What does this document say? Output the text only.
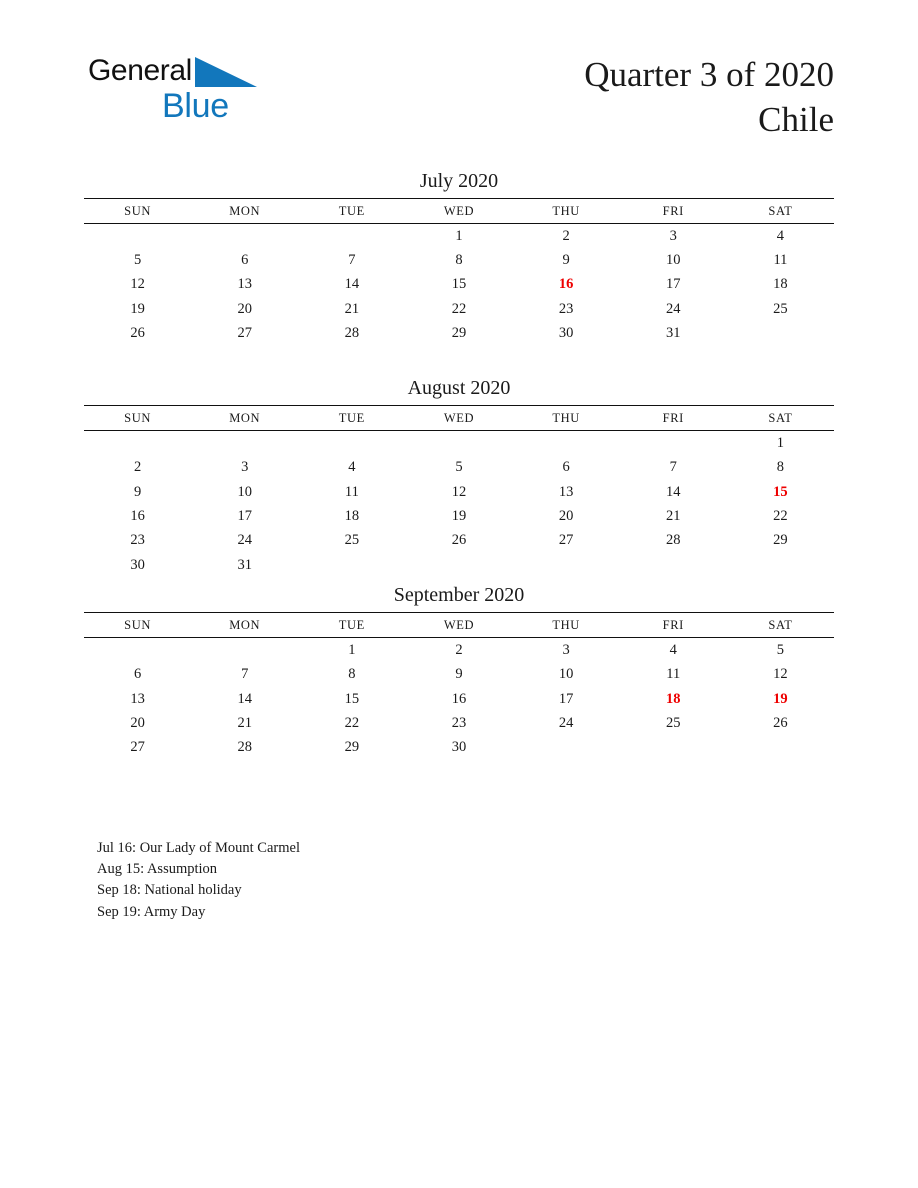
General
Blue
Quarter 3 of 2020
Chile
July 2020
SUN	MON	TUE	WED	THU	FRI	SAT
			1	2	3	4
5	6	7	8	9	10	11
12	13	14	15	16	17	18
19	20	21	22	23	24	25
26	27	28	29	30	31	
August 2020
SUN	MON	TUE	WED	THU	FRI	SAT
						1
2	3	4	5	6	7	8
9	10	11	12	13	14	15
16	17	18	19	20	21	22
23	24	25	26	27	28	29
30	31					
September 2020
SUN	MON	TUE	WED	THU	FRI	SAT
		1	2	3	4	5
6	7	8	9	10	11	12
13	14	15	16	17	18	19
20	21	22	23	24	25	26
27	28	29	30			
Jul 16: Our Lady of Mount Carmel
Aug 15: Assumption
Sep 18: National holiday
Sep 19: Army Day
